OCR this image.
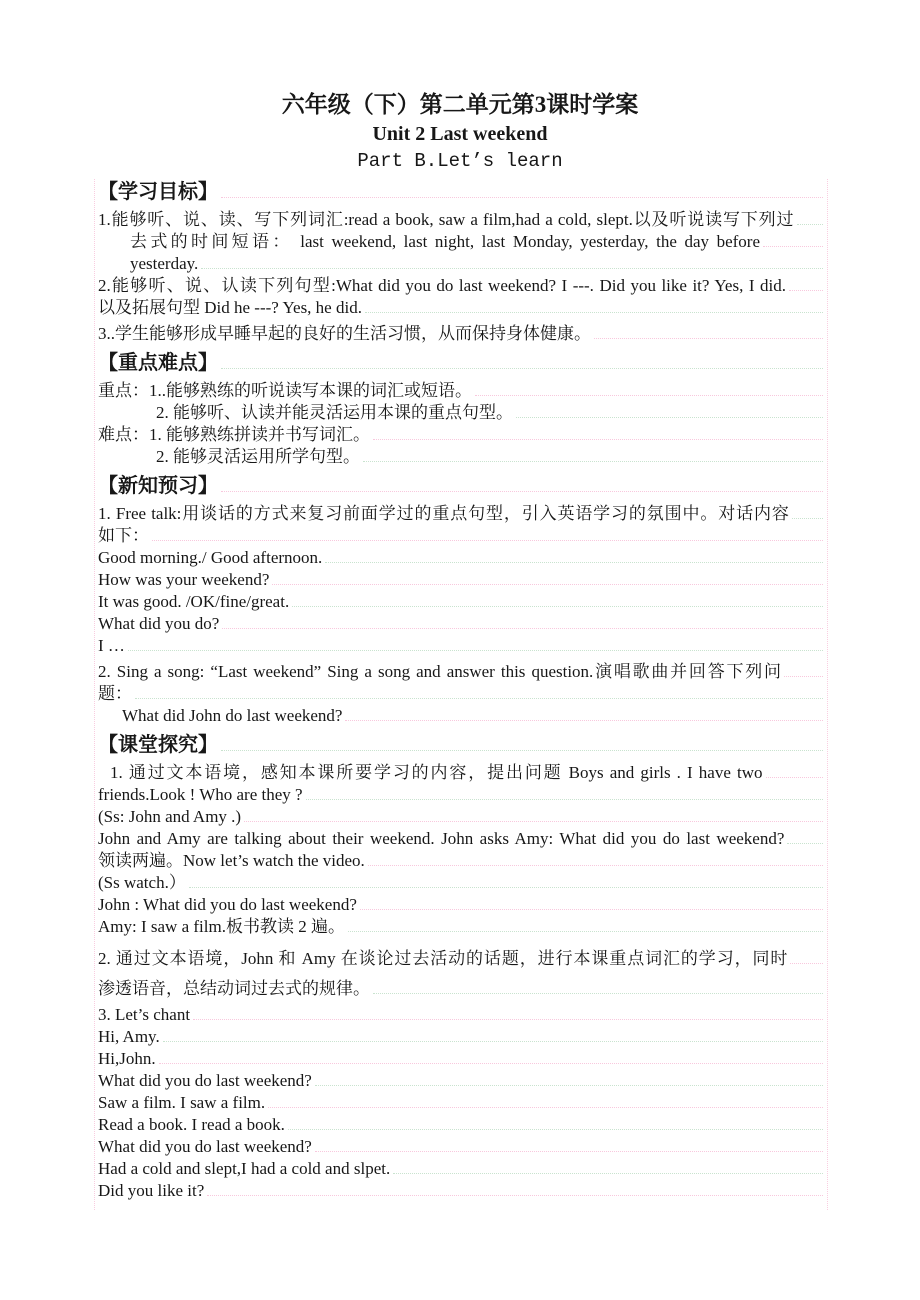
六年级（下）第二单元第3课时学案
Unit 2 Last weekend
Part B.Let’s learn
【学习目标】
1.能够听、说、读、写下列词汇:read a book, saw a film,had a cold, slept.以及听说读写下列过
去式的时间短语： last weekend, last night, last Monday, yesterday, the day before
yesterday.
2.能够听、说、认读下列句型:What did you do last weekend? I ---. Did you like it? Yes, I did.
以及拓展句型 Did he ---? Yes, he did.
3..学生能够形成早睡早起的良好的生活习惯，从而保持身体健康。
【重点难点】
重点：1..能够熟练的听说读写本课的词汇或短语。
2. 能够听、认读并能灵活运用本课的重点句型。
难点：1. 能够熟练拼读并书写词汇。
2. 能够灵活运用所学句型。
【新知预习】
1. Free talk:用谈话的方式来复习前面学过的重点句型，引入英语学习的氛围中。对话内容
如下：
Good morning./ Good afternoon.
How was your weekend?
It was good. /OK/fine/great.
What did you do?
I …
2. Sing a song: “Last weekend” Sing a song and answer this question.演唱歌曲并回答下列问
题：
What did John do last weekend?
【课堂探究】
1. 通过文本语境，感知本课所要学习的内容，提出问题 Boys and girls . I have two
friends.Look ! Who are they ?
(Ss: John and Amy .)
John and Amy are talking about their weekend. John asks Amy: What did you do last weekend?
领读两遍。Now let’s watch the video.
(Ss watch.）
John : What did you do last weekend?
Amy: I saw a film.板书教读 2 遍。
2. 通过文本语境，John 和 Amy 在谈论过去活动的话题，进行本课重点词汇的学习，同时
渗透语音，总结动词过去式的规律。
3. Let’s chant
Hi, Amy.
Hi,John.
What did you do last weekend?
Saw a film. I saw a film.
Read a book. I read a book.
What did you do last weekend?
Had a cold and slept,I had a cold and slpet.
Did you like it?
